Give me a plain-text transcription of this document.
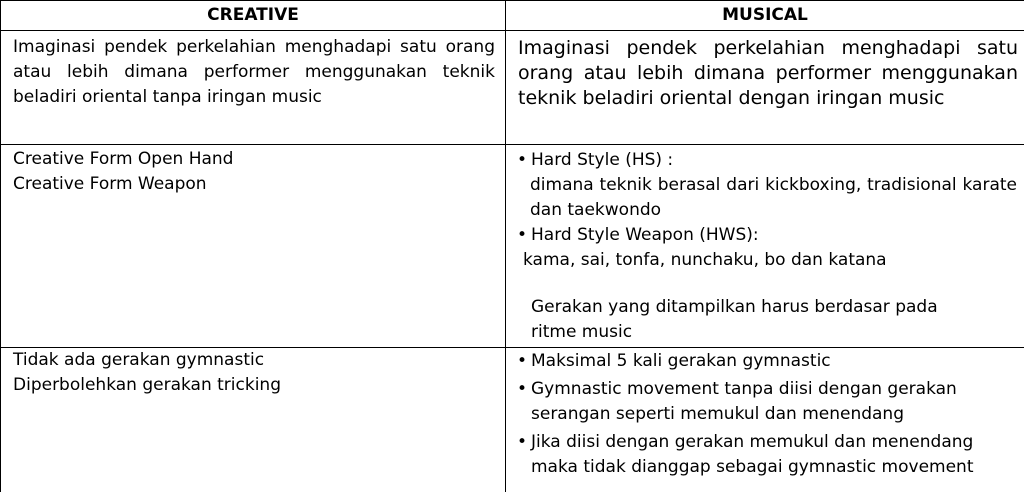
CREATIVE	MUSICAL

Imaginasi pendek perkelahian menghadapi satu orang atau lebih dimana performer menggunakan teknik beladiri oriental tanpa iringan music

Imaginasi pendek perkelahian menghadapi satu orang atau lebih dimana performer menggunakan teknik beladiri oriental dengan iringan music

Creative Form Open Hand

Creative Form Weapon

• Hard Style (HS) :

dimana teknik berasal dari kickboxing, tradisional karate dan taekwondo

• Hard Style Weapon (HWS):

kama, sai, tonfa, nunchaku, bo dan katana

Gerakan yang ditampilkan harus berdasar pada ritme music

Tidak ada gerakan gymnastic

Diperbolehkan gerakan tricking

• Maksimal 5 kali gerakan gymnastic
• Gymnastic movement tanpa diisi dengan gerakan serangan seperti memukul dan menendang
• Jika diisi dengan gerakan memukul dan menendang maka tidak dianggap sebagai gymnastic movement
